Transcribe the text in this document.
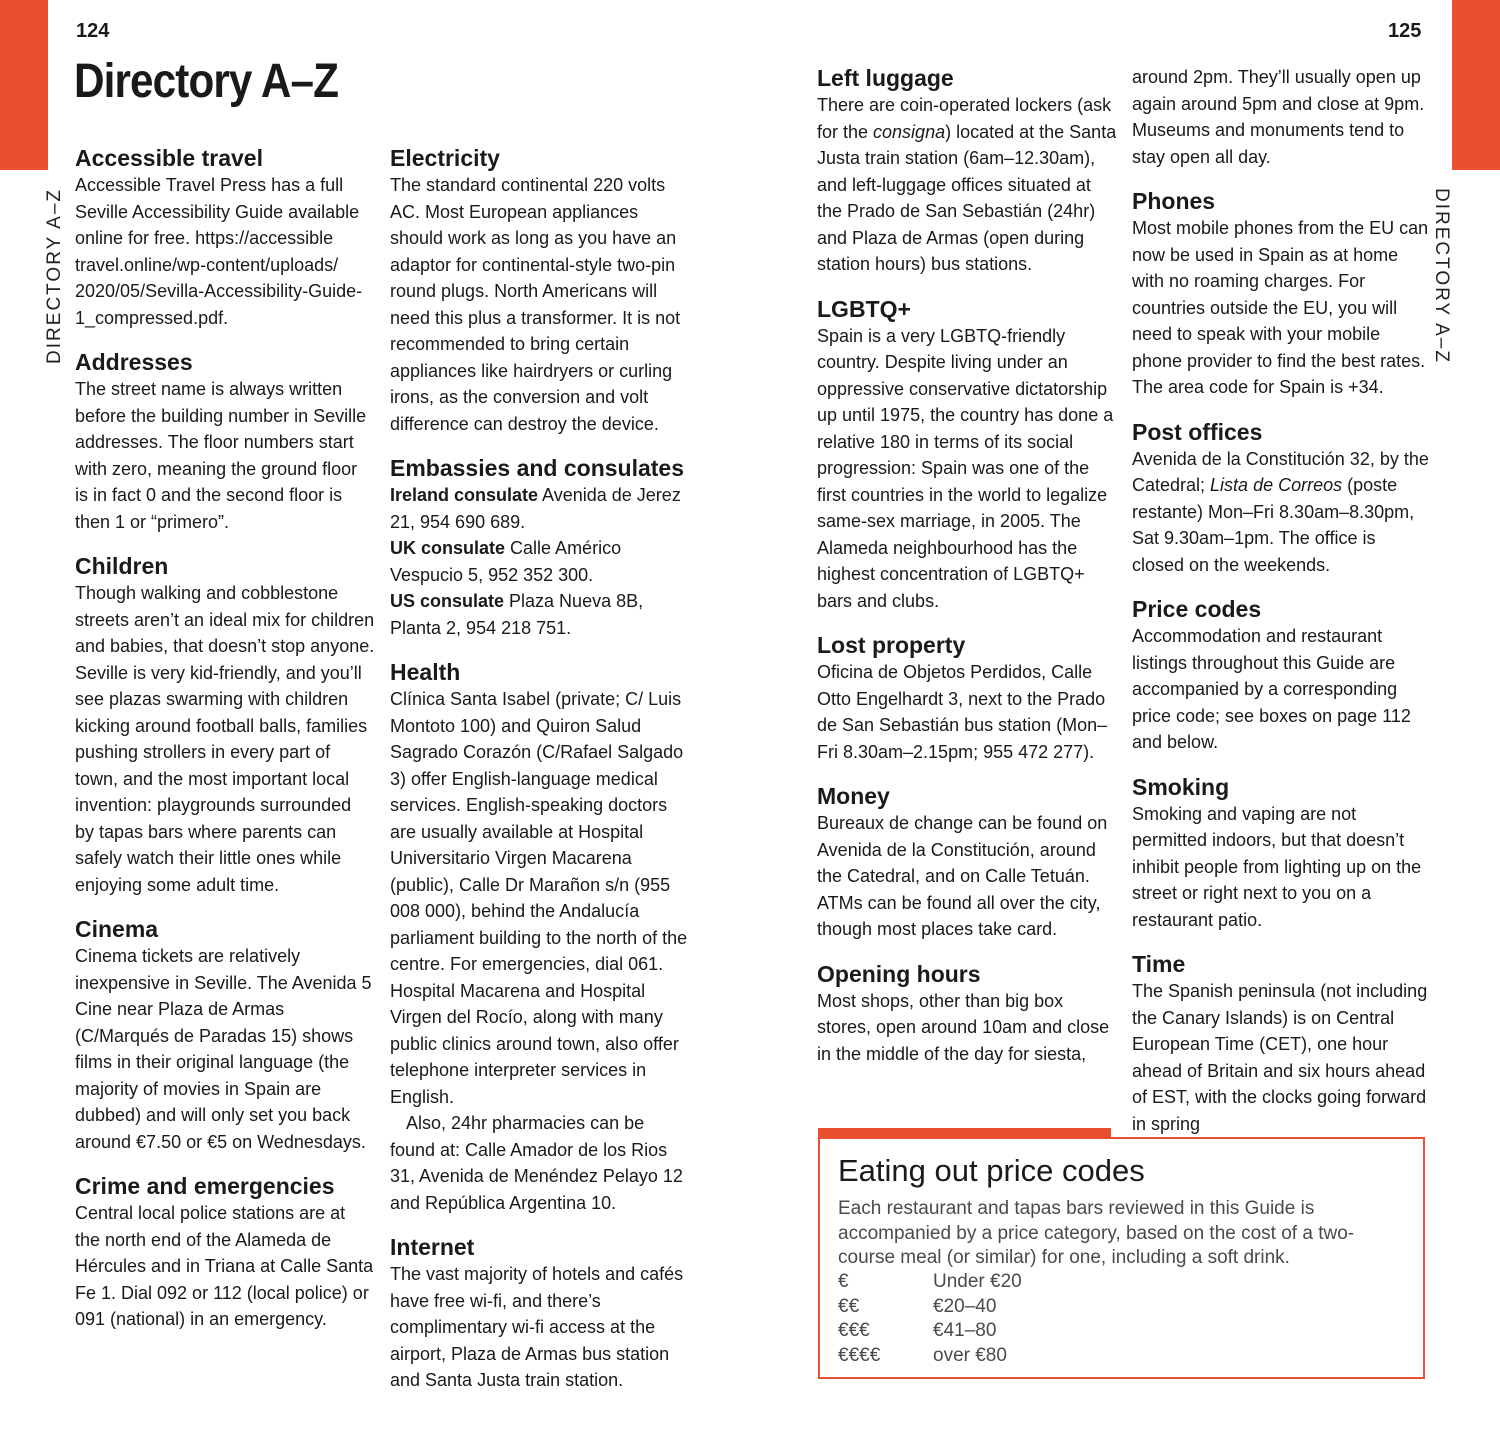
DIRECTORY A–Z	DIRECTORY A–Z
124	125
Directory A–Z
Accessible travel

Accessible Travel Press has a full Seville Accessibility Guide available online for free. https://accessible travel.online/wp-content/uploads/ 2020/05/Sevilla-Accessibility-Guide-1_compressed.pdf.

Addresses

The street name is always written before the building number in Seville addresses. The floor numbers start with zero, meaning the ground floor is in fact 0 and the second floor is then 1 or “primero”.

Children

Though walking and cobblestone streets aren’t an ideal mix for children and babies, that doesn’t stop anyone. Seville is very kid-friendly, and you’ll see plazas swarming with children kicking around football balls, families pushing strollers in every part of town, and the most important local invention: playgrounds surrounded by tapas bars where parents can safely watch their little ones while enjoying some adult time.

Cinema

Cinema tickets are relatively inexpensive in Seville. The Avenida 5 Cine near Plaza de Armas (C/Marqués de Paradas 15) shows films in their original language (the majority of movies in Spain are dubbed) and will only set you back around €7.50 or €5 on Wednesdays.

Crime and emergencies

Central local police stations are at the north end of the Alameda de Hércules and in Triana at Calle Santa Fe 1. Dial 092 or 112 (local police) or 091 (national) in an emergency.

Electricity

The standard continental 220 volts AC. Most European appliances should work as long as you have an adaptor for continental-style two-pin round plugs. North Americans will need this plus a transformer. It is not recommended to bring certain appliances like hairdryers or curling irons, as the conversion and volt difference can destroy the device.

Embassies and consulates

Ireland consulate Avenida de Jerez 21, 954 690 689.
UK consulate Calle Américo Vespucio 5, 952 352 300.
US consulate Plaza Nueva 8B, Planta 2, 954 218 751.

Health

Clínica Santa Isabel (private; C/ Luis Montoto 100) and Quiron Salud Sagrado Corazón (C/Rafael Salgado 3) offer English-language medical services. English-speaking doctors are usually available at Hospital Universitario Virgen Macarena (public), Calle Dr Marañon s/n (955 008 000), behind the Andalucía parliament building to the north of the centre. For emergencies, dial 061. Hospital Macarena and Hospital Virgen del Rocío, along with many public clinics around town, also offer telephone interpreter services in English.

Also, 24hr pharmacies can be found at: Calle Amador de los Rios 31, Avenida de Menéndez Pelayo 12 and República Argentina 10.

Internet

The vast majority of hotels and cafés have free wi-fi, and there’s complimentary wi-fi access at the airport, Plaza de Armas bus station and Santa Justa train station.

Left luggage

There are coin-operated lockers (ask for the consigna) located at the Santa Justa train station (6am–12.30am), and left-luggage offices situated at the Prado de San Sebastián (24hr) and Plaza de Armas (open during station hours) bus stations.

LGBTQ+

Spain is a very LGBTQ-friendly country. Despite living under an oppressive conservative dictatorship up until 1975, the country has done a relative 180 in terms of its social progression: Spain was one of the first countries in the world to legalize same-sex marriage, in 2005. The Alameda neighbourhood has the highest concentration of LGBTQ+ bars and clubs.

Lost property

Oficina de Objetos Perdidos, Calle Otto Engelhardt 3, next to the Prado de San Sebastián bus station (Mon–Fri 8.30am–2.15pm; 955 472 277).

Money

Bureaux de change can be found on Avenida de la Constitución, around the Catedral, and on Calle Tetuán. ATMs can be found all over the city, though most places take card.

Opening hours

Most shops, other than big box stores, open around 10am and close in the middle of the day for siesta,

around 2pm. They’ll usually open up again around 5pm and close at 9pm. Museums and monuments tend to stay open all day.

Phones

Most mobile phones from the EU can now be used in Spain as at home with no roaming charges. For countries outside the EU, you will need to speak with your mobile phone provider to find the best rates. The area code for Spain is +34.

Post offices

Avenida de la Constitución 32, by the Catedral; Lista de Correos (poste restante) Mon–Fri 8.30am–8.30pm, Sat 9.30am–1pm. The office is closed on the weekends.

Price codes

Accommodation and restaurant listings throughout this Guide are accompanied by a corresponding price code; see boxes on page 112 and below.

Smoking

Smoking and vaping are not permitted indoors, but that doesn’t inhibit people from lighting up on the street or right next to you on a restaurant patio.

Time

The Spanish peninsula (not including the Canary Islands) is on Central European Time (CET), one hour ahead of Britain and six hours ahead of EST, with the clocks going forward in spring

Eating out price codes
Each restaurant and tapas bars reviewed in this Guide is accompanied by a price category, based on the cost of a two-course meal (or similar) for one, including a soft drink.
€	Under €20
€€	€20–40
€€€	€41–80
€€€€	over €80
